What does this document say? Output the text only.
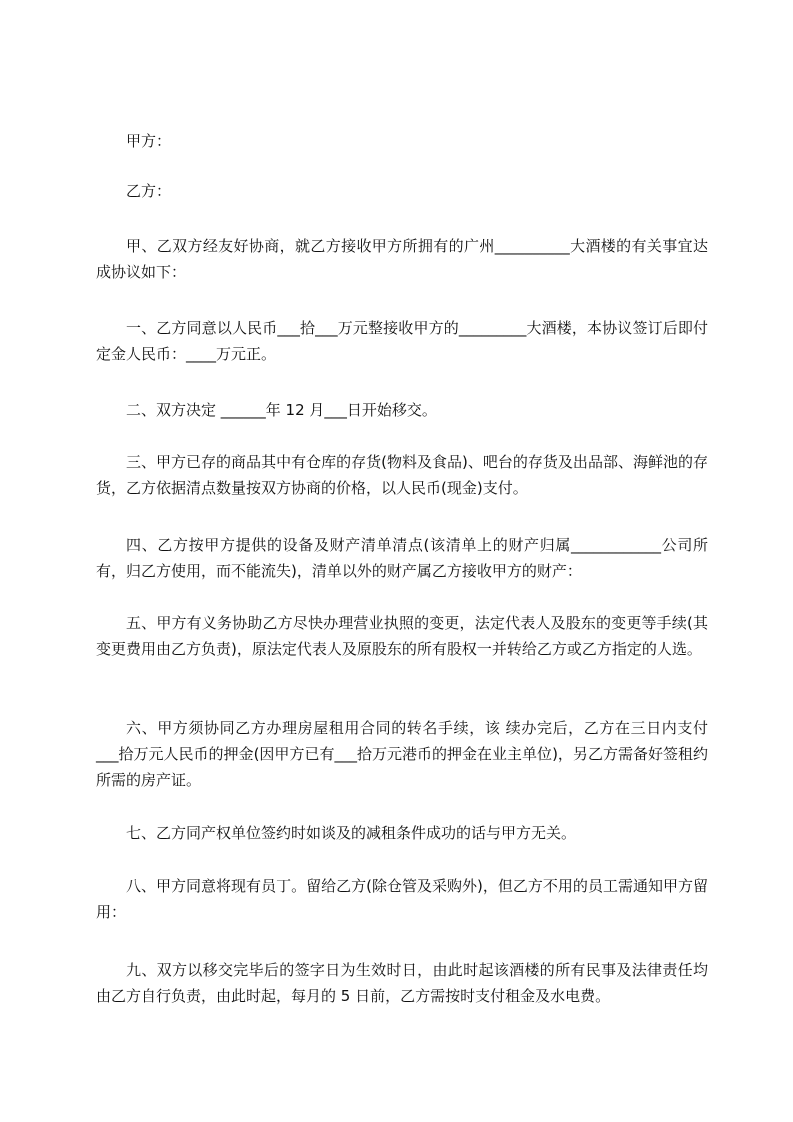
甲方：

乙方：

甲、乙双方经友好协商，就乙方接收甲方所拥有的广州__________大酒楼的有关事宜达成协议如下：

一、乙方同意以人民币___拾___万元整接收甲方的_________大酒楼，本协议签订后即付定金人民币：____万元正。

二、双方决定 ______年 12 月___日开始移交。

三、甲方已存的商品其中有仓库的存货(物料及食品)、吧台的存货及出品部、海鲜池的存货，乙方依据清点数量按双方协商的价格，以人民币(现金)支付。

四、乙方按甲方提供的设备及财产清单清点(该清单上的财产归属____________公司所有，归乙方使用，而不能流失)，清单以外的财产属乙方接收甲方的财产：

五、甲方有义务协助乙方尽快办理营业执照的变更，法定代表人及股东的变更等手续(其变更费用由乙方负责)，原法定代表人及原股东的所有股权一并转给乙方或乙方指定的人选。

六、甲方须协同乙方办理房屋租用合同的转名手续，该 续办完后，乙方在三日内支付___拾万元人民币的押金(因甲方已有___拾万元港币的押金在业主单位)，另乙方需备好签租约所需的房产证。

七、乙方同产权单位签约时如谈及的减租条件成功的话与甲方无关。

八、甲方同意将现有员丁。留给乙方(除仓管及采购外)，但乙方不用的员工需通知甲方留用：

九、双方以移交完毕后的签字日为生效时日，由此时起该酒楼的所有民事及法律责任均由乙方自行负责，由此时起，每月的 5 日前，乙方需按时支付租金及水电费。
